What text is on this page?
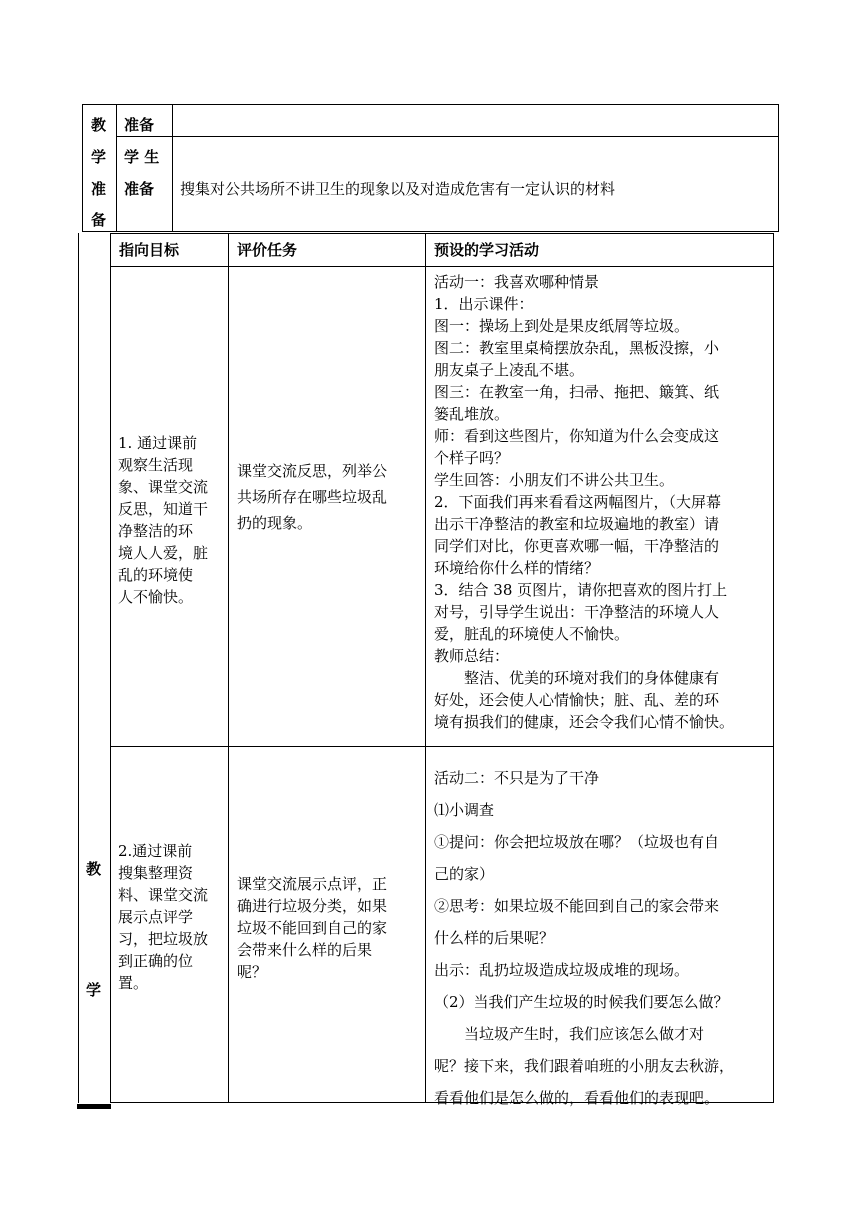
教
学
准
备
准备
学 生
准备 搜集对公共场所不讲卫生的现象以及对造成危害有一定认识的材料
教
学
指向目标	评价任务	预设的学习活动
1. 通过课前
观察生活现
象、课堂交流
反思，知道干
净整洁的环
境人人爱，脏
乱的环境使
人不愉快。
课堂交流反思，列举公
共场所存在哪些垃圾乱
扔的现象。
活动一：我喜欢哪种情景
1．出示课件：
图一：操场上到处是果皮纸屑等垃圾。
图二：教室里桌椅摆放杂乱，黑板没擦，小
朋友桌子上凌乱不堪。
图三：在教室一角，扫帚、拖把、簸箕、纸
篓乱堆放。
师：看到这些图片，你知道为什么会变成这
个样子吗？
学生回答：小朋友们不讲公共卫生。
2．下面我们再来看看这两幅图片，（大屏幕
出示干净整洁的教室和垃圾遍地的教室）请
同学们对比，你更喜欢哪一幅，干净整洁的
环境给你什么样的情绪？
3．结合 38 页图片，请你把喜欢的图片打上
对号，引导学生说出：干净整洁的环境人人
爱，脏乱的环境使人不愉快。
教师总结：
　　整洁、优美的环境对我们的身体健康有
好处，还会使人心情愉快；脏、乱、差的环
境有损我们的健康，还会令我们心情不愉快。
2.通过课前
搜集整理资
料、课堂交流
展示点评学
习，把垃圾放
到正确的位
置。
课堂交流展示点评，正
确进行垃圾分类，如果
垃圾不能回到自己的家
会带来什么样的后果
呢？
活动二：不只是为了干净
⑴小调查
①提问：你会把垃圾放在哪？（垃圾也有自
己的家）
②思考：如果垃圾不能回到自己的家会带来
什么样的后果呢？
出示：乱扔垃圾造成垃圾成堆的现场。
（2）当我们产生垃圾的时候我们要怎么做？
　　当垃圾产生时，我们应该怎么做才对
呢？接下来，我们跟着咱班的小朋友去秋游，
看看他们是怎么做的，看看他们的表现吧。
